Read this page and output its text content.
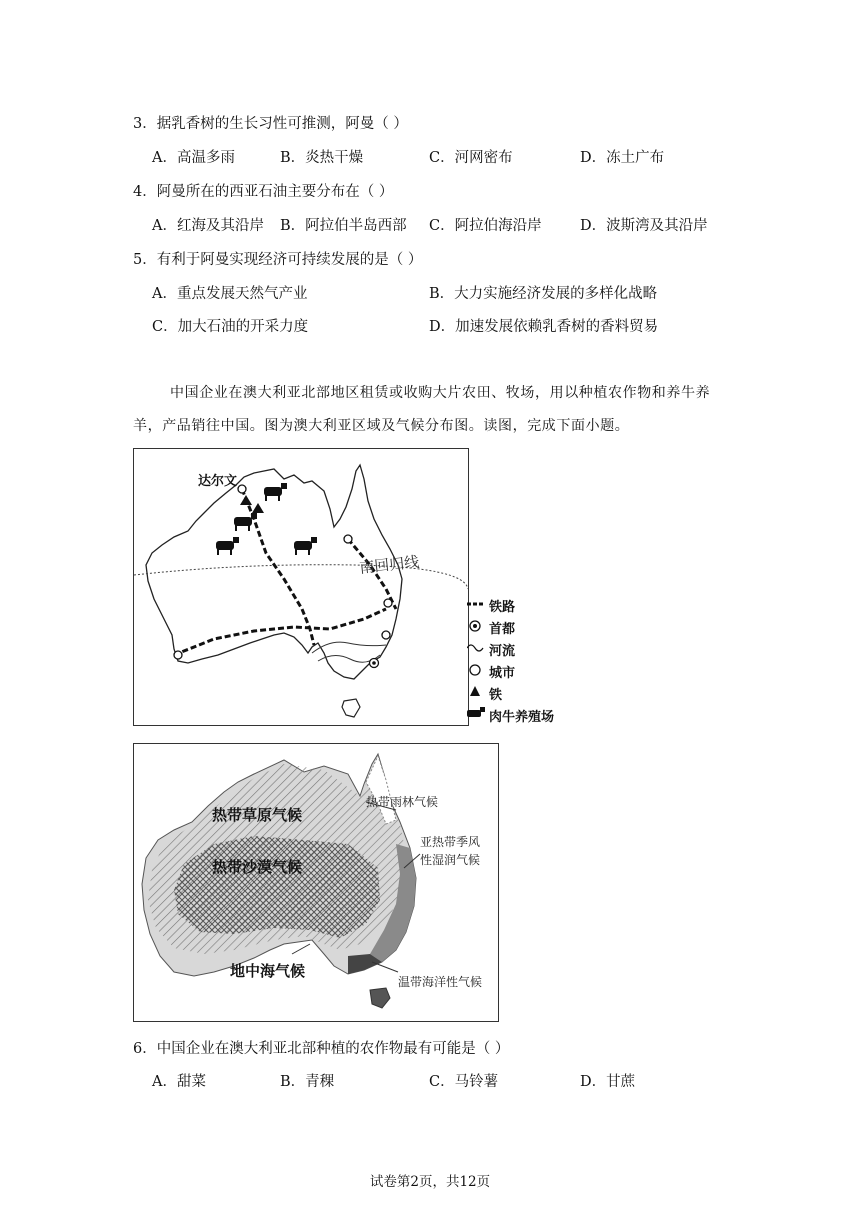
3．据乳香树的生长习性可推测，阿曼（ ）
A．高温多雨	B．炎热干燥	C．河网密布	D．冻土广布
4．阿曼所在的西亚石油主要分布在（ ）
A．红海及其沿岸 B．阿拉伯半岛西部 C．阿拉伯海沿岸	D．波斯湾及其沿岸
5．有利于阿曼实现经济可持续发展的是（ ）
A．重点发展天然气产业	B．大力实施经济发展的多样化战略
C．加大石油的开采力度	D．加速发展依赖乳香树的香料贸易
中国企业在澳大利亚北部地区租赁或收购大片农田、牧场，用以种植农作物和养牛养
羊，产品销往中国。图为澳大利亚区域及气候分布图。读图，完成下面小题。
达尔文
南回归线
铁路
首都
河流
城市
铁
肉牛养殖场
热带草原气候
热带沙漠气候
地中海气候
热带雨林气候
亚热带季风
性湿润气候
温带海洋性气候
6．中国企业在澳大利亚北部种植的农作物最有可能是（ ）
A．甜菜	B．青稞	C．马铃薯	D．甘蔗
试卷第2页，共12页
